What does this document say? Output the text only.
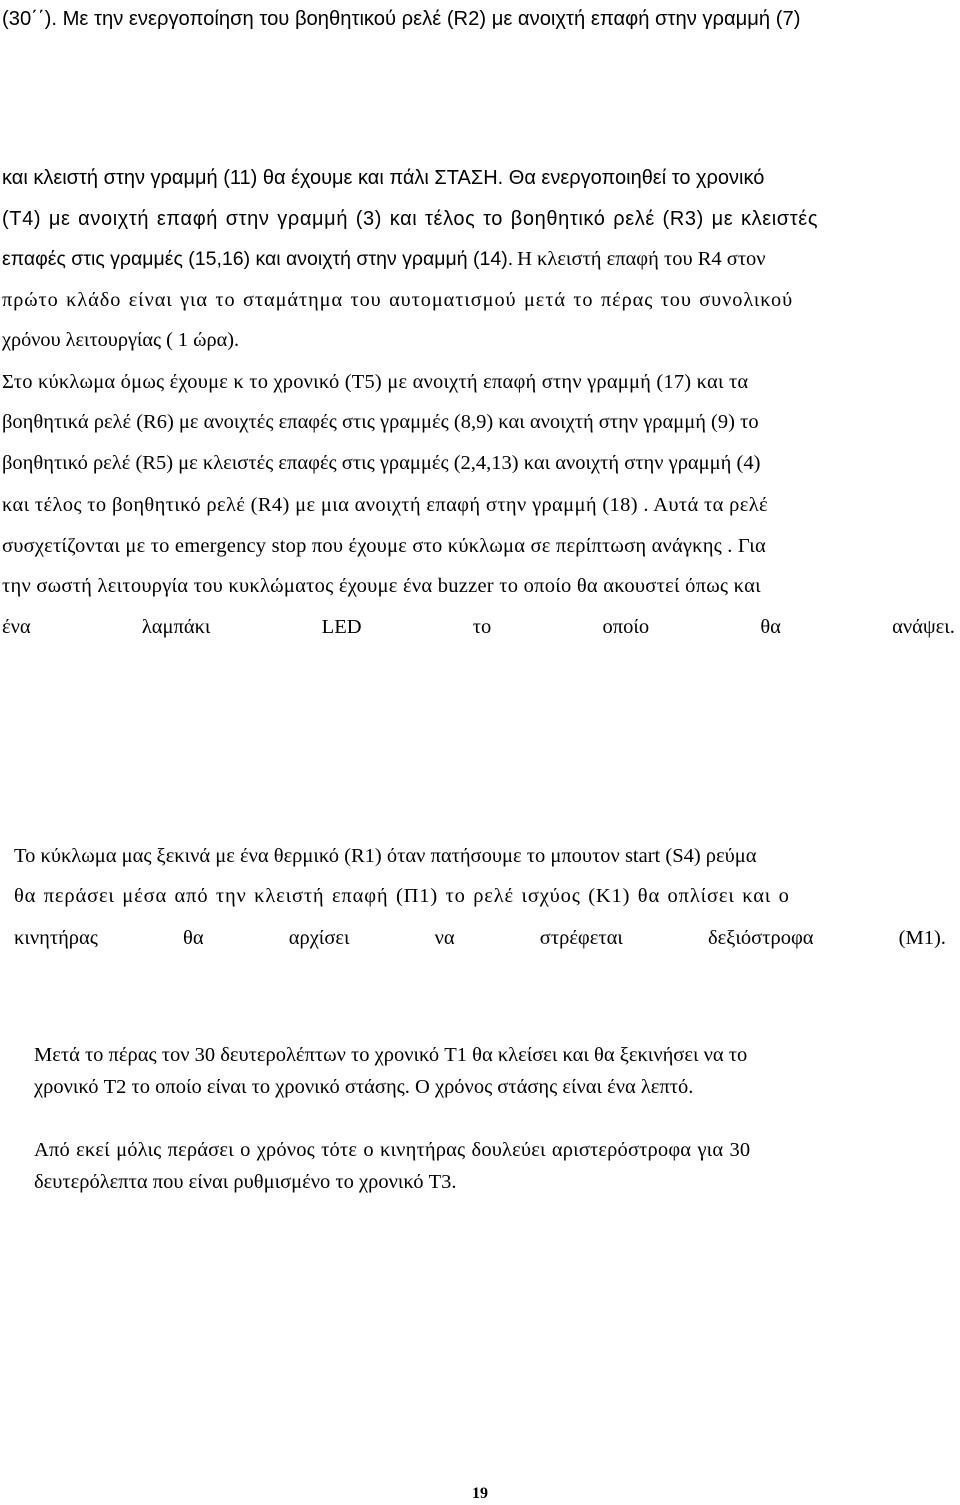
(30΄΄). Με την ενεργοποίηση του βοηθητικού ρελέ (R2) με ανοιχτή επαφή στην γραμμή (7)

και κλειστή στην γραμμή (11) θα έχουμε και πάλι ΣΤΑΣΗ. Θα ενεργοποιηθεί το χρονικό

(T4) με ανοιχτή επαφή στην γραμμή (3) και τέλος το βοηθητικό ρελέ (R3) με κλειστές

επαφές στις γραμμές (15,16) και ανοιχτή στην γραμμή (14). Η κλειστή επαφή του R4 στον

πρώτο κλάδο είναι για το σταμάτημα του αυτοματισμού μετά το πέρας του συνολικού

χρόνου λειτουργίας ( 1 ώρα).

Στο κύκλωμα όμως έχουμε κ το χρονικό (T5) με ανοιχτή επαφή στην γραμμή (17) και τα

βοηθητικά ρελέ (R6) με ανοιχτές επαφές στις γραμμές (8,9) και ανοιχτή στην γραμμή (9) το

βοηθητικό ρελέ (R5) με κλειστές επαφές στις γραμμές (2,4,13) και ανοιχτή στην γραμμή (4)

και τέλος το βοηθητικό ρελέ (R4) με μια ανοιχτή επαφή στην γραμμή (18) . Αυτά τα ρελέ

συσχετίζονται με το emergency stop που έχουμε στο κύκλωμα σε περίπτωση ανάγκης . Για

την σωστή λειτουργία του κυκλώματος έχουμε ένα buzzer το οποίο θα ακουστεί όπως και

ένα	λαμπάκι	LED	το	οποίο	θα	ανάψει.

Το κύκλωμα μας ξεκινά με ένα θερμικό (R1) όταν πατήσουμε το μπουτον start (S4) ρεύμα

θα περάσει μέσα από την κλειστή επαφή (Π1) το ρελέ ισχύος (Κ1) θα οπλίσει και ο

κινητήρας	θα	αρχίσει	να	στρέφεται	δεξιόστροφα	(M1).

Μετά το πέρας τον 30 δευτερολέπτων το χρονικό T1 θα κλείσει και θα ξεκινήσει να το

χρονικό T2 το οποίο είναι το χρονικό στάσης. Ο χρόνος στάσης είναι ένα λεπτό.

Από εκεί μόλις περάσει ο χρόνος τότε ο κινητήρας δουλεύει αριστερόστροφα για 30

δευτερόλεπτα που είναι ρυθμισμένο το χρονικό T3.

19
